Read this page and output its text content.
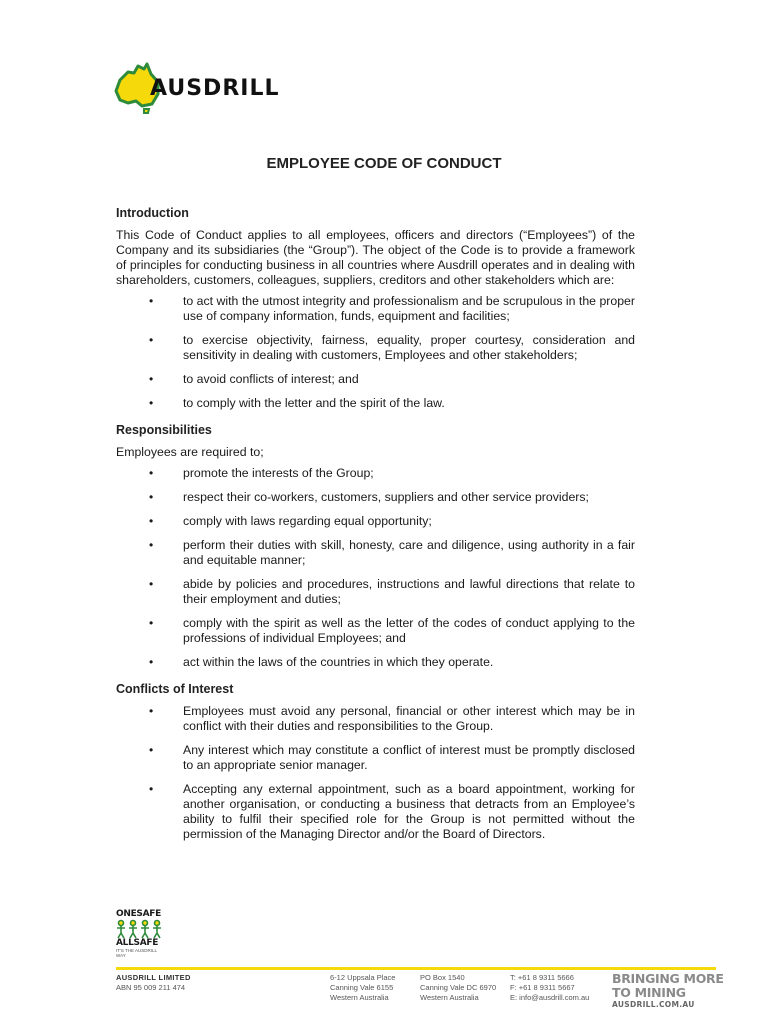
AUSDRILL
EMPLOYEE CODE OF CONDUCT
Introduction

This Code of Conduct applies to all employees, officers and directors (“Employees”) of the Company and its subsidiaries (the “Group”). The object of the Code is to provide a framework of principles for conducting business in all countries where Ausdrill operates and in dealing with shareholders, customers, colleagues, suppliers, creditors and other stakeholders which are:

• to act with the utmost integrity and professionalism and be scrupulous in the proper use of company information, funds, equipment and facilities;
• to exercise objectivity, fairness, equality, proper courtesy, consideration and sensitivity in dealing with customers, Employees and other stakeholders;
• to avoid conflicts of interest; and
• to comply with the letter and the spirit of the law.
Responsibilities

Employees are required to;

• promote the interests of the Group;
• respect their co-workers, customers, suppliers and other service providers;
• comply with laws regarding equal opportunity;
• perform their duties with skill, honesty, care and diligence, using authority in a fair and equitable manner;
• abide by policies and procedures, instructions and lawful directions that relate to their employment and duties;
• comply with the spirit as well as the letter of the codes of conduct applying to the professions of individual Employees; and
• act within the laws of the countries in which they operate.
Conflicts of Interest
• Employees must avoid any personal, financial or other interest which may be in conflict with their duties and responsibilities to the Group.
• Any interest which may constitute a conflict of interest must be promptly disclosed to an appropriate senior manager.
• Accepting any external appointment, such as a board appointment, working for another organisation, or conducting a business that detracts from an Employee’s ability to fulfil their specified role for the Group is not permitted without the permission of the Managing Director and/or the Board of Directors.
ONESAFE
ALLSAFE
IT'S THE AUSDRILL WAY
AUSDRILL LIMITED
ABN 95 009 211 474
6-12 Uppsala Place
Canning Vale 6155
Western Australia
PO Box 1540
Canning Vale DC 6970
Western Australia
T: +61 8 9311 5666
F: +61 8 9311 5667
E: info@ausdrill.com.au
BRINGING MORE
TO MINING
AUSDRILL.COM.AU
